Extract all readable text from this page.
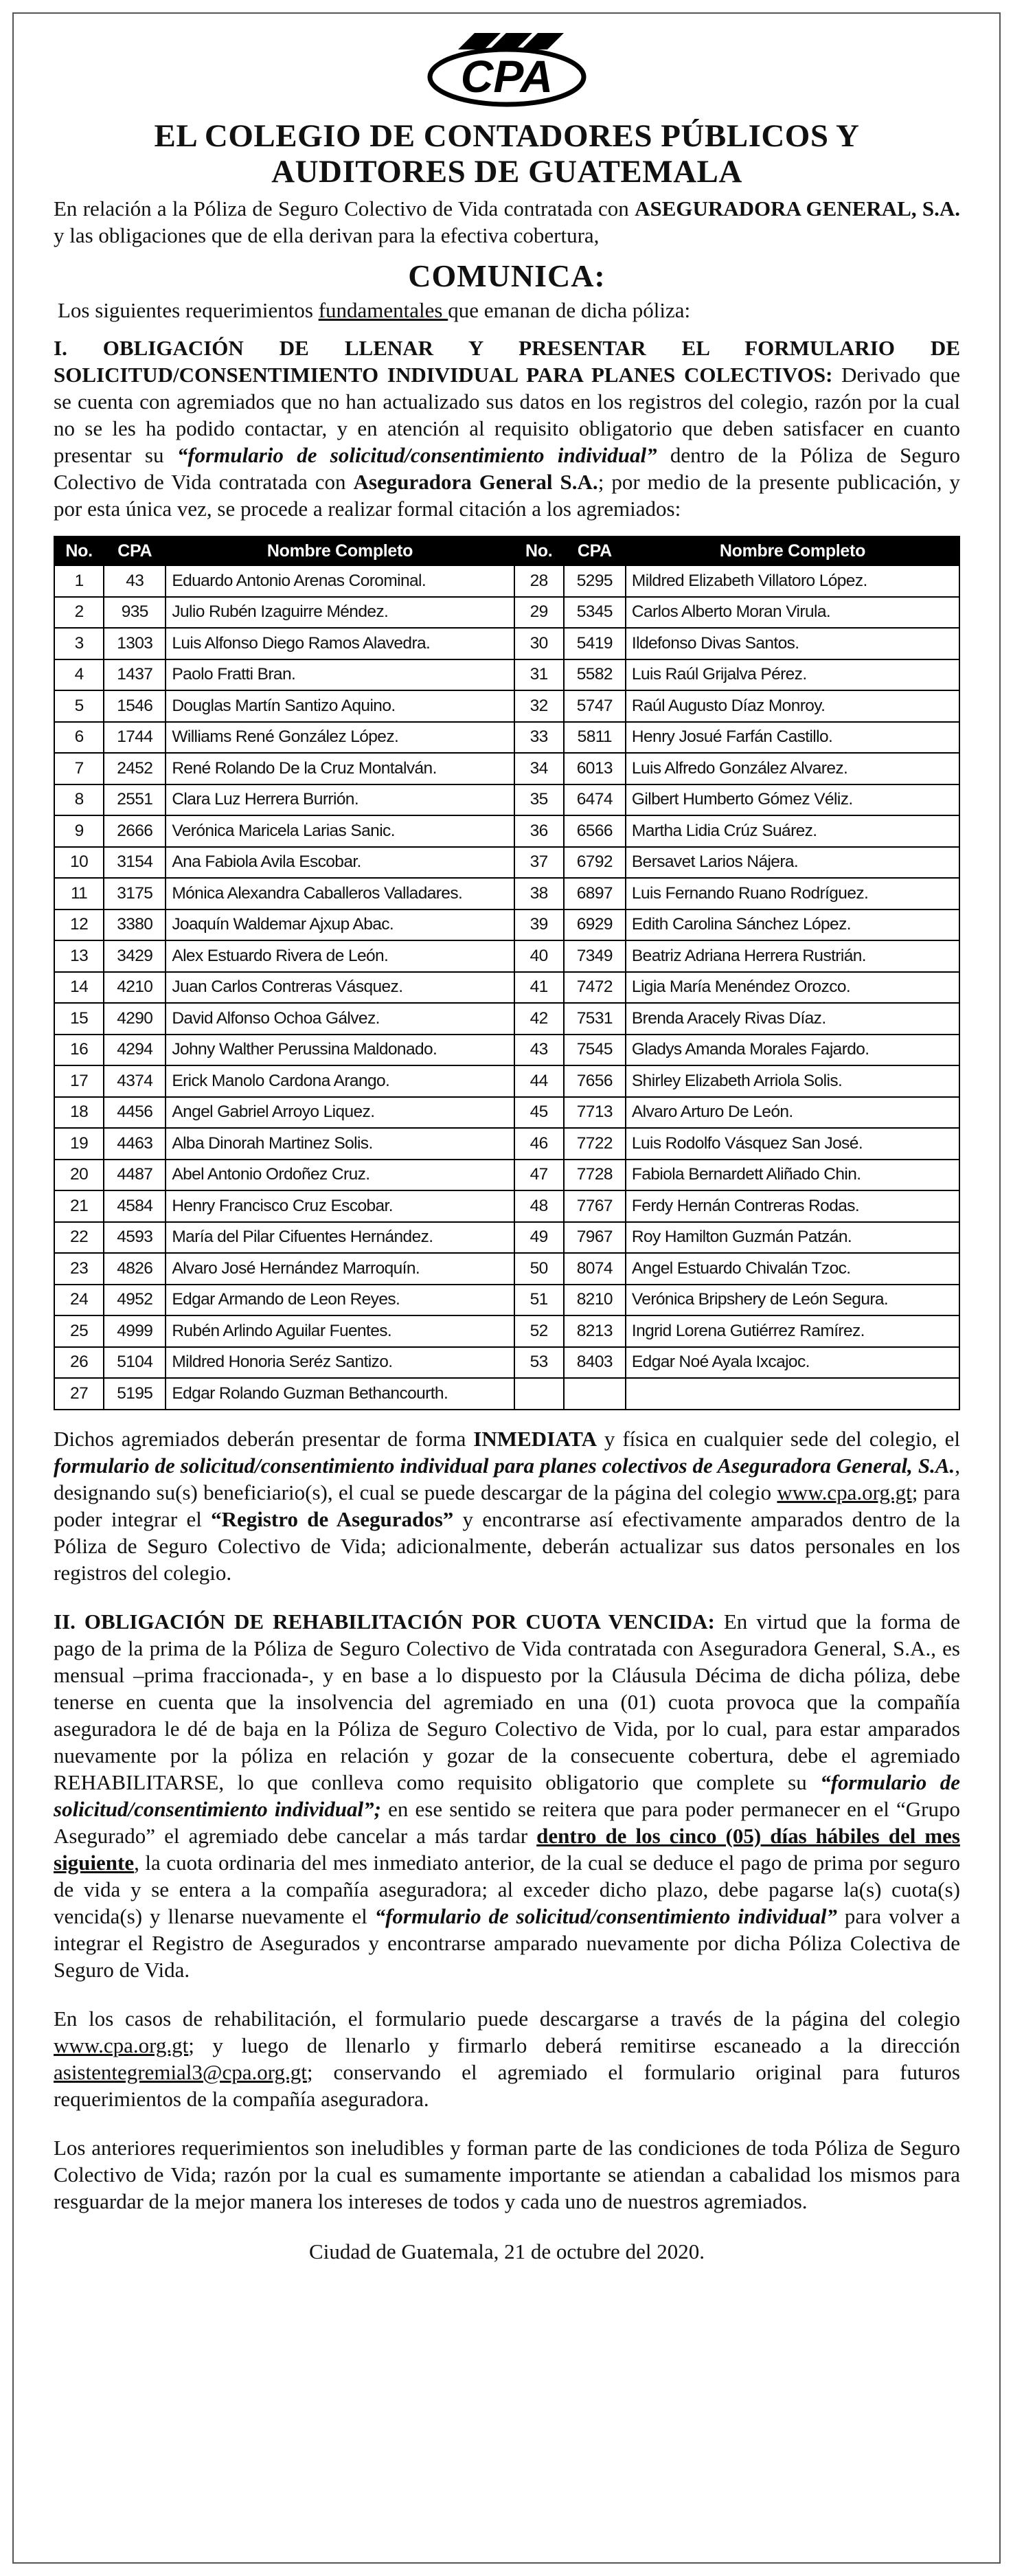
CPA
EL COLEGIO DE CONTADORES PÚBLICOS Y
AUDITORES DE GUATEMALA

En relación a la Póliza de Seguro Colectivo de Vida contratada con ASEGURADORA GENERAL, S.A. y las obligaciones que de ella derivan para la efectiva cobertura,

COMUNICA:

Los siguientes requerimientos fundamentales que emanan de dicha póliza:

I. OBLIGACIÓN DE LLENAR Y PRESENTAR EL FORMULARIO DE SOLICITUD/CONSENTIMIENTO INDIVIDUAL PARA PLANES COLECTIVOS: Derivado que se cuenta con agremiados que no han actualizado sus datos en los registros del colegio, razón por la cual no se les ha podido contactar, y en atención al requisito obligatorio que deben satisfacer en cuanto presentar su “formulario de solicitud/consentimiento individual” dentro de la Póliza de Seguro Colectivo de Vida contratada con Aseguradora General S.A.; por medio de la presente publicación, y por esta única vez, se procede a realizar formal citación a los agremiados:

No.	CPA	Nombre Completo	No.	CPA	Nombre Completo
1	43	Eduardo Antonio Arenas Corominal.	28	5295	Mildred Elizabeth Villatoro López.
2	935	Julio Rubén Izaguirre Méndez.	29	5345	Carlos Alberto Moran Virula.
3	1303	Luis Alfonso Diego Ramos Alavedra.	30	5419	Ildefonso Divas Santos.
4	1437	Paolo Fratti Bran.	31	5582	Luis Raúl Grijalva Pérez.
5	1546	Douglas Martín Santizo Aquino.	32	5747	Raúl Augusto Díaz Monroy.
6	1744	Williams René González López.	33	5811	Henry Josué Farfán Castillo.
7	2452	René Rolando De la Cruz Montalván.	34	6013	Luis Alfredo González Alvarez.
8	2551	Clara Luz Herrera Burrión.	35	6474	Gilbert Humberto Gómez Véliz.
9	2666	Verónica Maricela Larias Sanic.	36	6566	Martha Lidia Crúz Suárez.
10	3154	Ana Fabiola Avila Escobar.	37	6792	Bersavet Larios Nájera.
11	3175	Mónica Alexandra Caballeros Valladares.	38	6897	Luis Fernando Ruano Rodríguez.
12	3380	Joaquín Waldemar Ajxup Abac.	39	6929	Edith Carolina Sánchez López.
13	3429	Alex Estuardo Rivera de León.	40	7349	Beatriz Adriana Herrera Rustrián.
14	4210	Juan Carlos Contreras Vásquez.	41	7472	Ligia María Menéndez Orozco.
15	4290	David Alfonso Ochoa Gálvez.	42	7531	Brenda Aracely Rivas Díaz.
16	4294	Johny Walther Perussina Maldonado.	43	7545	Gladys Amanda Morales Fajardo.
17	4374	Erick Manolo Cardona Arango.	44	7656	Shirley Elizabeth Arriola Solis.
18	4456	Angel Gabriel Arroyo Liquez.	45	7713	Alvaro Arturo De León.
19	4463	Alba Dinorah Martinez Solis.	46	7722	Luis Rodolfo Vásquez San José.
20	4487	Abel Antonio Ordoñez Cruz.	47	7728	Fabiola Bernardett Aliñado Chin.
21	4584	Henry Francisco Cruz Escobar.	48	7767	Ferdy Hernán Contreras Rodas.
22	4593	María del Pilar Cifuentes Hernández.	49	7967	Roy Hamilton Guzmán Patzán.
23	4826	Alvaro José Hernández Marroquín.	50	8074	Angel Estuardo Chivalán Tzoc.
24	4952	Edgar Armando de Leon Reyes.	51	8210	Verónica Bripshery de León Segura.
25	4999	Rubén Arlindo Aguilar Fuentes.	52	8213	Ingrid Lorena Gutiérrez Ramírez.
26	5104	Mildred Honoria Seréz Santizo.	53	8403	Edgar Noé Ayala Ixcajoc.
27	5195	Edgar Rolando Guzman Bethancourth.			

Dichos agremiados deberán presentar de forma INMEDIATA y física en cualquier sede del colegio, el formulario de solicitud/consentimiento individual para planes colectivos de Aseguradora General, S.A., designando su(s) beneficiario(s), el cual se puede descargar de la página del colegio www.cpa.org.gt; para poder integrar el “Registro de Asegurados” y encontrarse así efectivamente amparados dentro de la Póliza de Seguro Colectivo de Vida; adicionalmente, deberán actualizar sus datos personales en los registros del colegio.

II. OBLIGACIÓN DE REHABILITACIÓN POR CUOTA VENCIDA: En virtud que la forma de pago de la prima de la Póliza de Seguro Colectivo de Vida contratada con Aseguradora General, S.A., es mensual –prima fraccionada-, y en base a lo dispuesto por la Cláusula Décima de dicha póliza, debe tenerse en cuenta que la insolvencia del agremiado en una (01) cuota provoca que la compañía aseguradora le dé de baja en la Póliza de Seguro Colectivo de Vida, por lo cual, para estar amparados nuevamente por la póliza en relación y gozar de la consecuente cobertura, debe el agremiado REHABILITARSE, lo que conlleva como requisito obligatorio que complete su “formulario de solicitud/consentimiento individual”; en ese sentido se reitera que para poder permanecer en el “Grupo Asegurado” el agremiado debe cancelar a más tardar dentro de los cinco (05) días hábiles del mes siguiente, la cuota ordinaria del mes inmediato anterior, de la cual se deduce el pago de prima por seguro de vida y se entera a la compañía aseguradora; al exceder dicho plazo, debe pagarse la(s) cuota(s) vencida(s) y llenarse nuevamente el “formulario de solicitud/consentimiento individual” para volver a integrar el Registro de Asegurados y encontrarse amparado nuevamente por dicha Póliza Colectiva de Seguro de Vida.

En los casos de rehabilitación, el formulario puede descargarse a través de la página del colegio www.cpa.org.gt; y luego de llenarlo y firmarlo deberá remitirse escaneado a la dirección asistentegremial3@cpa.org.gt; conservando el agremiado el formulario original para futuros requerimientos de la compañía aseguradora.

Los anteriores requerimientos son ineludibles y forman parte de las condiciones de toda Póliza de Seguro Colectivo de Vida; razón por la cual es sumamente importante se atiendan a cabalidad los mismos para resguardar de la mejor manera los intereses de todos y cada uno de nuestros agremiados.

Ciudad de Guatemala, 21 de octubre del 2020.
